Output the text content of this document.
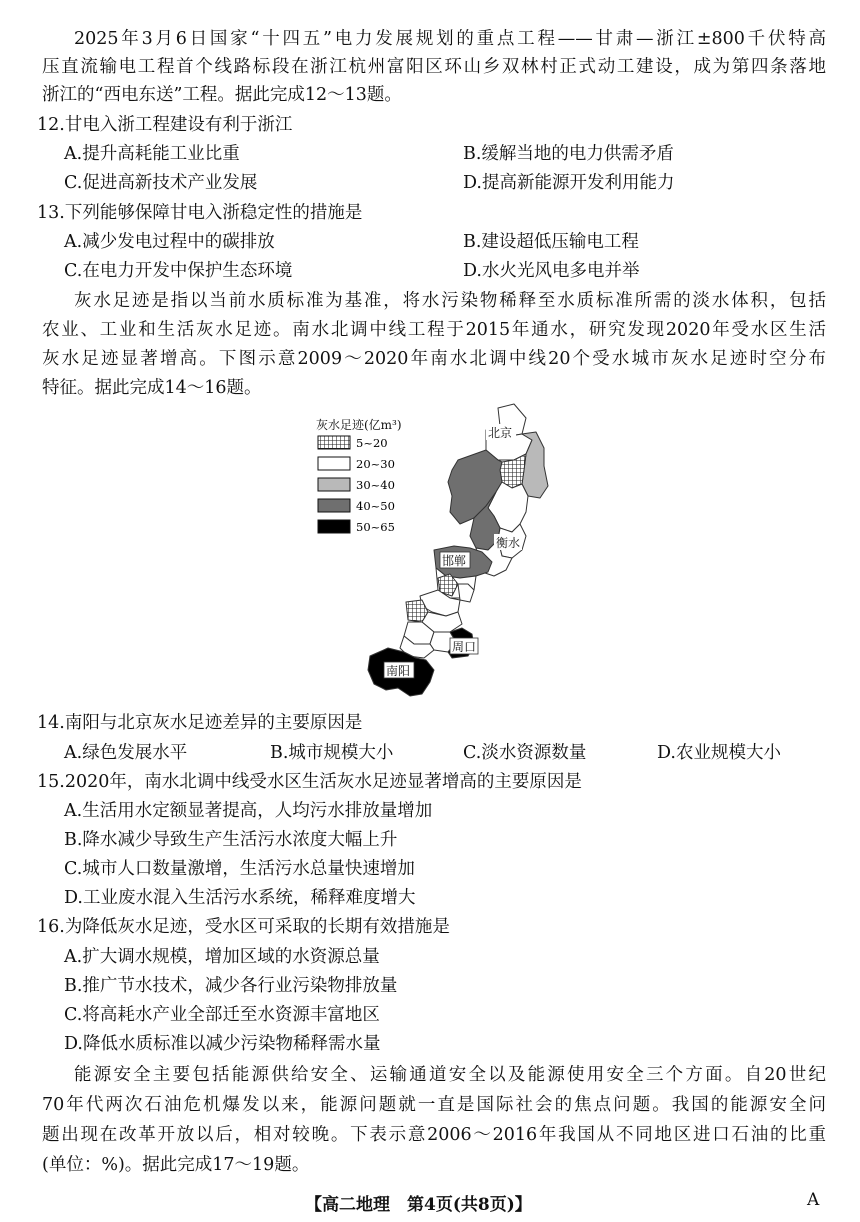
2025年3月6日国家“十四五”电力发展规划的重点工程——甘肃—浙江±800千伏特高
压直流输电工程首个线路标段在浙江杭州富阳区环山乡双林村正式动工建设，成为第四条落地
浙江的“西电东送”工程。据此完成12～13题。
12.甘电入浙工程建设有利于浙江
A.提升高耗能工业比重	B.缓解当地的电力供需矛盾
C.促进高新技术产业发展	D.提高新能源开发利用能力
13.下列能够保障甘电入浙稳定性的措施是
A.减少发电过程中的碳排放	B.建设超低压输电工程
C.在电力开发中保护生态环境	D.水火光风电多电并举
灰水足迹是指以当前水质标准为基准，将水污染物稀释至水质标准所需的淡水体积，包括
农业、工业和生活灰水足迹。南水北调中线工程于2015年通水，研究发现2020年受水区生活
灰水足迹显著增高。下图示意2009～2020年南水北调中线20个受水城市灰水足迹时空分布
特征。据此完成14～16题。
灰水足迹(亿m³)
5~20
20~30
30~40
40~50
50~65
北京
衡水
邯郸
周口
南阳
14.南阳与北京灰水足迹差异的主要原因是
A.绿色发展水平	B.城市规模大小	C.淡水资源数量	D.农业规模大小
15.2020年，南水北调中线受水区生活灰水足迹显著增高的主要原因是
A.生活用水定额显著提高，人均污水排放量增加
B.降水减少导致生产生活污水浓度大幅上升
C.城市人口数量激增，生活污水总量快速增加
D.工业废水混入生活污水系统，稀释难度增大
16.为降低灰水足迹，受水区可采取的长期有效措施是
A.扩大调水规模，增加区域的水资源总量
B.推广节水技术，减少各行业污染物排放量
C.将高耗水产业全部迁至水资源丰富地区
D.降低水质标准以减少污染物稀释需水量
能源安全主要包括能源供给安全、运输通道安全以及能源使用安全三个方面。自20世纪
70年代两次石油危机爆发以来，能源问题就一直是国际社会的焦点问题。我国的能源安全问
题出现在改革开放以后，相对较晚。下表示意2006～2016年我国从不同地区进口石油的比重
(单位：%)。据此完成17～19题。
【高二地理　第4页(共8页)】	A
